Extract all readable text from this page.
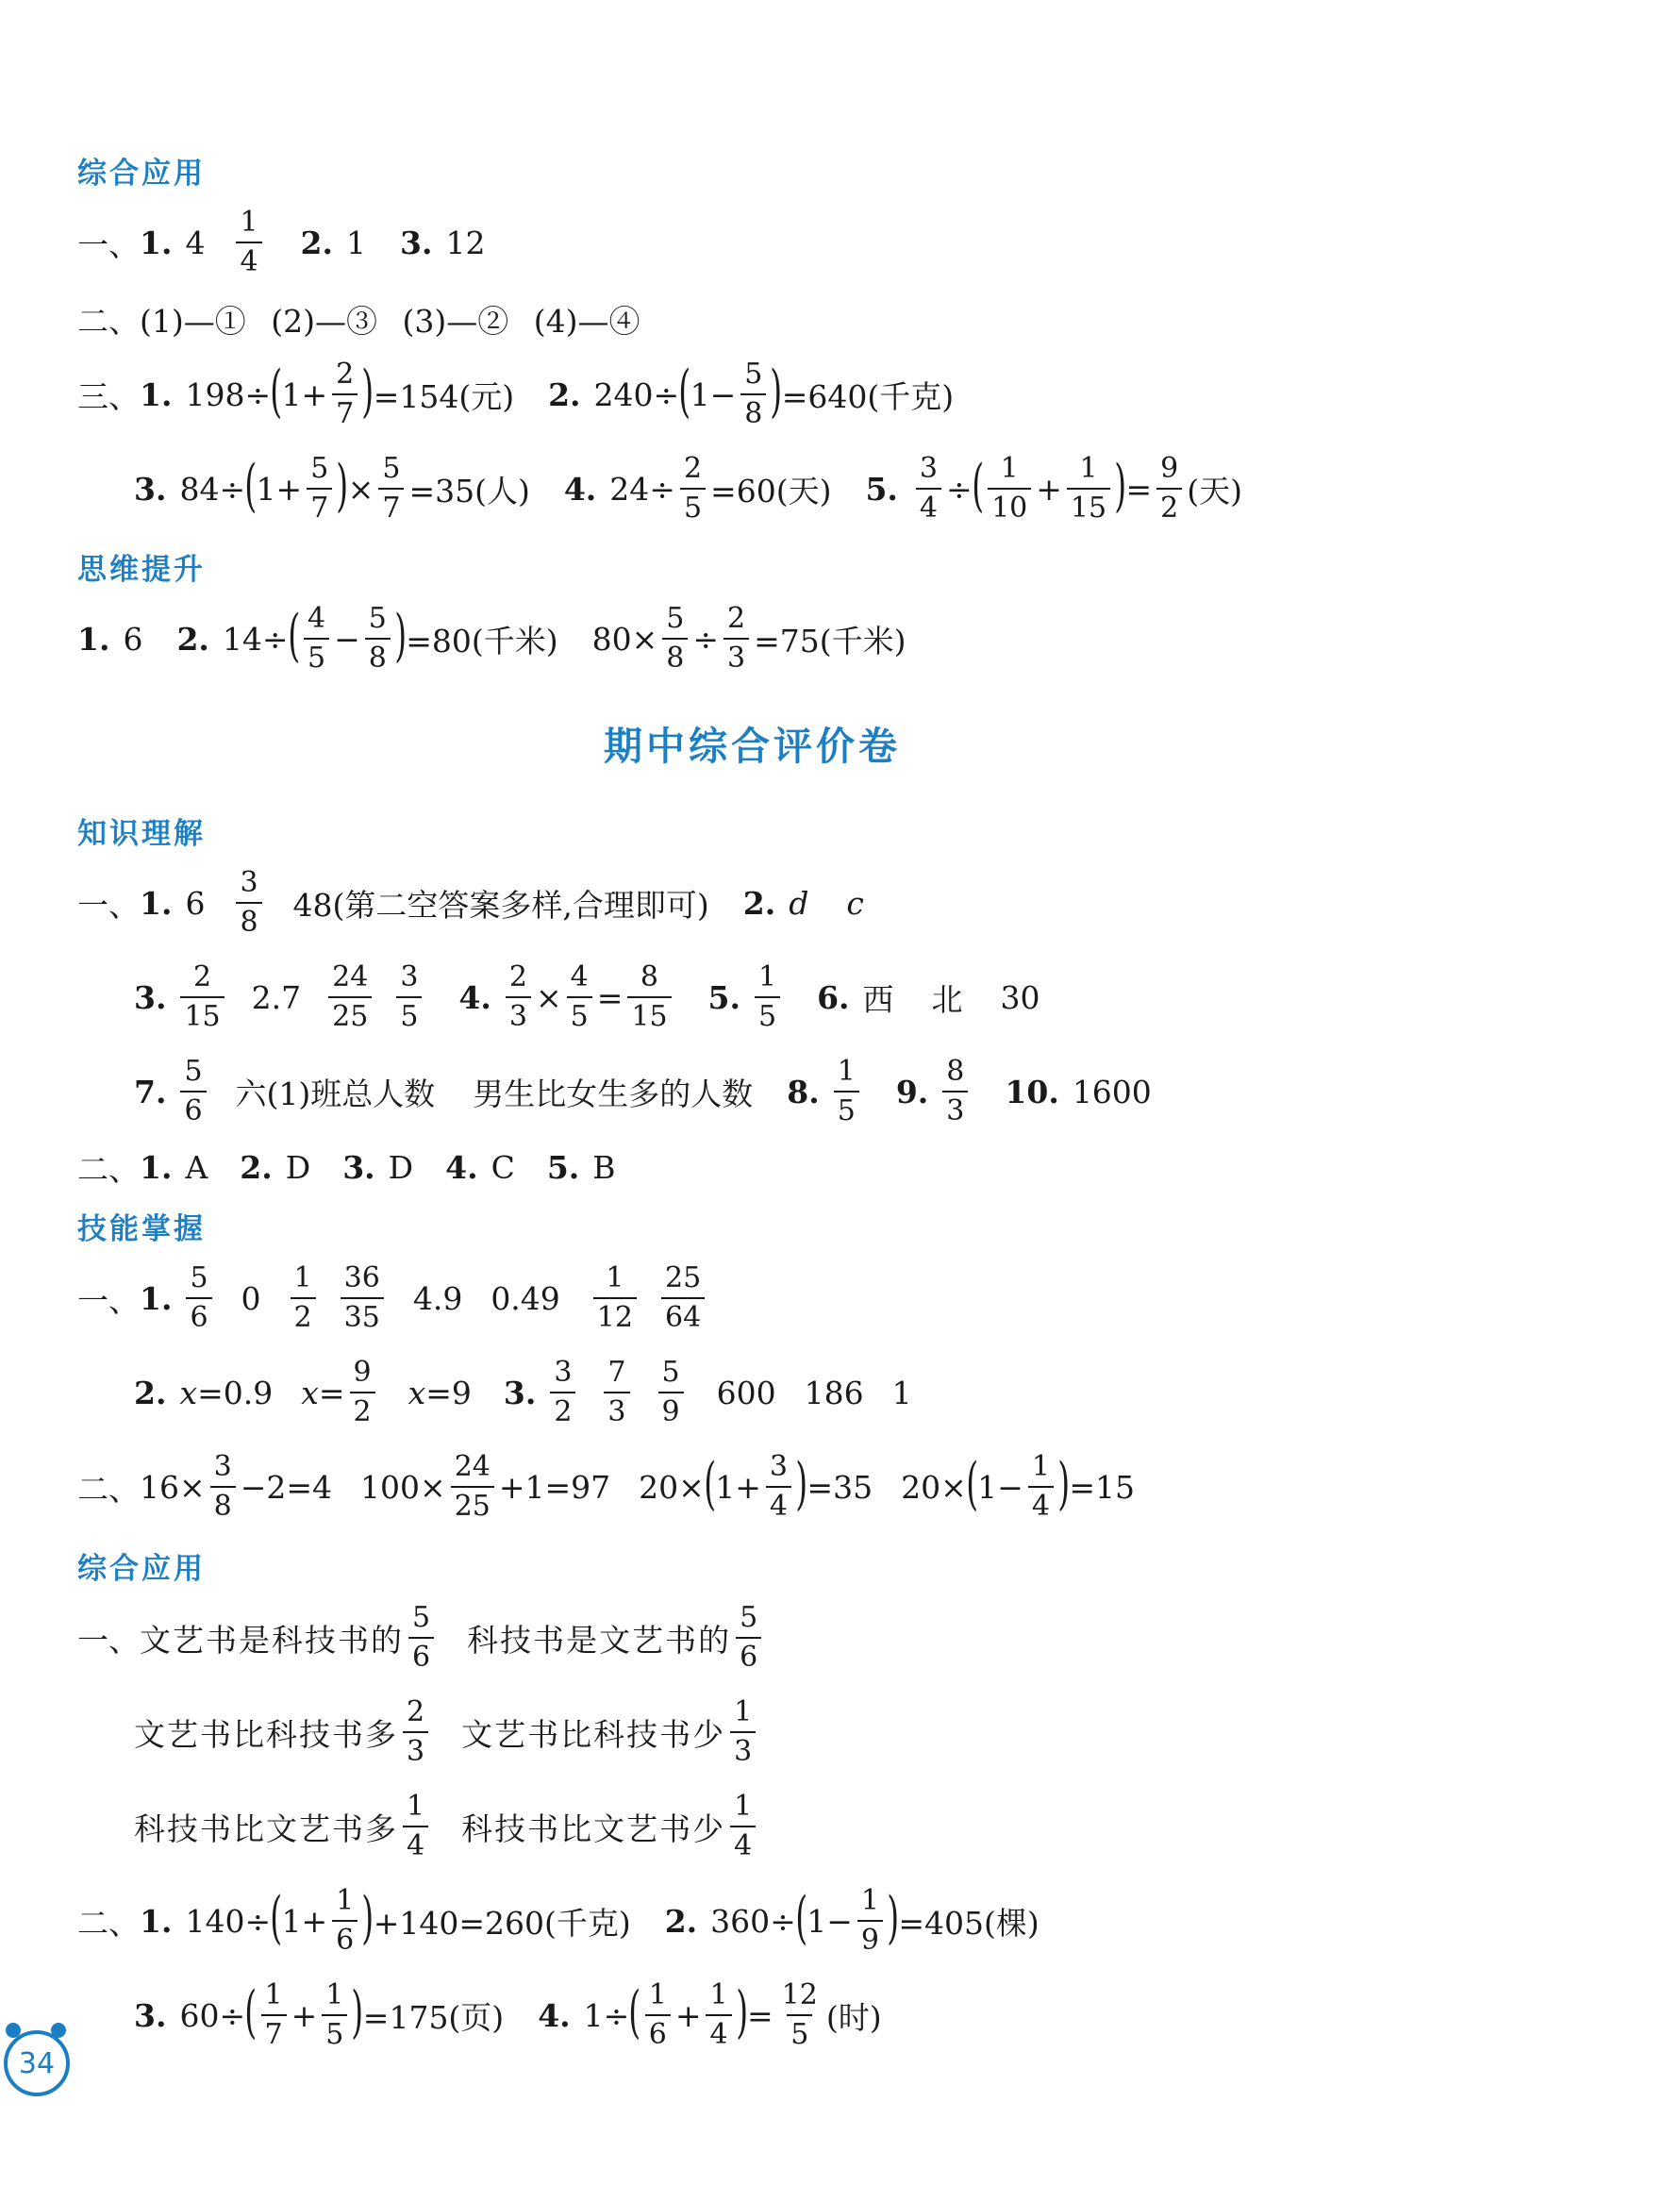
综合应用
一、 1. $4 \frac{1}{4} 2$. 1 3. 12
二、(1)—① (2)—③ (3)—② (4)—④
三、 1. 198÷ ( $1+ \frac{2}{7}$ ) =154(元) 2. 240÷ ( $1- \frac{5}{8}$ ) =640(千克)
3. 84÷ ( $1+ \frac{5}{7}$ ) × $\frac{5}{7} =35$(人) 4. $24\div \frac{2}{5} =60$(天) 5. $\frac{3}{4}$ ÷ ( $\frac{1}{10} + \frac{1}{15}$ ) = $\frac{9}{2}$ (天)
思维提升
1. 6 2. 14÷ ( $\frac{4}{5} - \frac{5}{8}$ ) =80(千米) $80\times \frac{5}{8} \div \frac{2}{3} =75$(千米)
期中综合评价卷
知识理解
一、 1. $6 \frac{3}{8} 48$(第二空答案多样,合理即可) 2. d c
3. $\frac{2}{15} 2.7 \frac{24}{25} \frac{3}{5} 4$. $\frac{2}{3} \times \frac{4}{5} = \frac{8}{15} 5$. $\frac{1}{5} 6$. 西 北 30
7. $\frac{5}{6}$ 六(1)班总人数 男生比女生多的人数 8. $\frac{1}{5} 9$. $\frac{8}{3} 10$. 1600
二、 1. A 2. D 3. D 4. C 5. B
技能掌握
一、 1. $\frac{5}{6} 0 \frac{1}{2} \frac{36}{35} 4.9$ $0.49 \frac{1}{12} \frac{25}{64}$
2. x =0.9 $x = \frac{9}{2}$ x =9 3. $\frac{3}{2} \frac{7}{3} \frac{5}{9} 600$ 186 1
二、 $16\times \frac{3}{8} -2=4$ $100\times \frac{24}{25} +1=97$ 20× ( $1+ \frac{3}{4}$ ) =35 20× ( $1- \frac{1}{4}$ ) =15
综合应用
一、 文艺书是科技书的 $\frac{5}{6}$ 科技书是文艺书的 $\frac{5}{6}$
文艺书比科技书多 $\frac{2}{3}$ 文艺书比科技书少 $\frac{1}{3}$
科技书比文艺书多 $\frac{1}{4}$ 科技书比文艺书少 $\frac{1}{4}$
二、 1. 140÷ ( $1+ \frac{1}{6}$ ) +140=260(千克) 2. 360÷ ( $1- \frac{1}{9}$ ) =405(棵)
3. 60÷ ( $\frac{1}{7} + \frac{1}{5}$ ) =175(页) 4. 1÷ ( $\frac{1}{6} + \frac{1}{4}$ ) = $\frac{12}{5}$ (时)
34
